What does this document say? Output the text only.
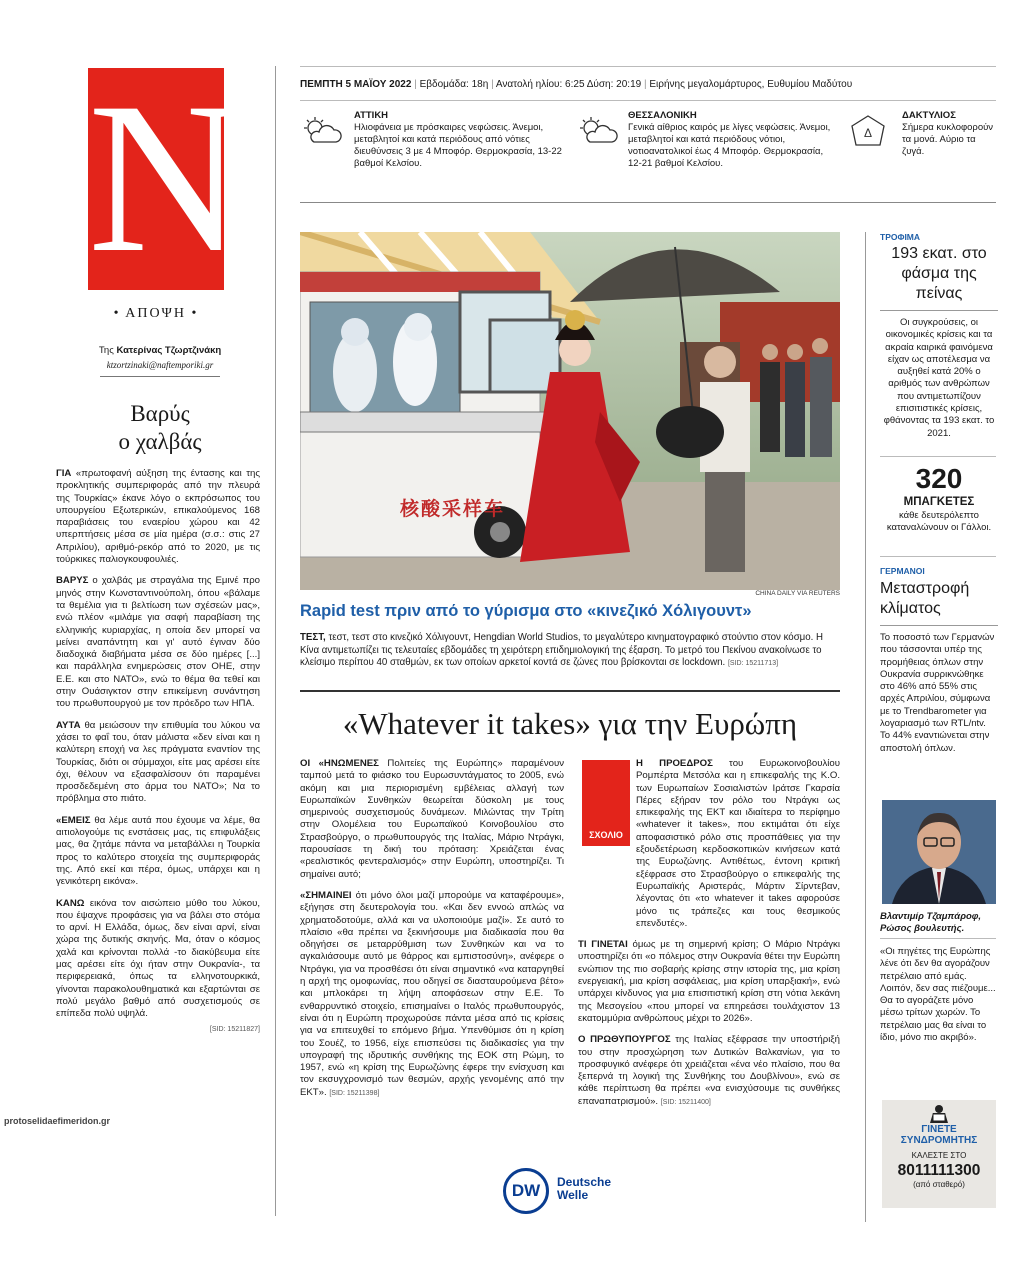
N
• ΑΠΟΨΗ •
Της Κατερίνας Τζωρτζινάκη
ktzortzinaki@naftemporiki.gr
Βαρύς
ο χαλβάς

ΓΙΑ «πρωτοφανή αύξηση της έντασης και της προκλητικής συμπεριφοράς από την πλευρά της Τουρκίας» έκανε λόγο ο εκπρόσωπος του υπουργείου Εξωτερικών, επικαλούμενος 168 παραβιάσεις του εναερίου χώρου και 42 υπερπτήσεις μέσα σε μία ημέρα (σ.σ.: στις 27 Απριλίου), αριθμό-ρεκόρ από το 2020, με τις τούρκικες παλιογκουφουλιές.

ΒΑΡΥΣ ο χαλβάς με στραγάλια της Εμινέ προ μηνός στην Κωνσταντινούπολη, όπου «βάλαμε τα θεμέλια για τι βελτίωση των σχέσεών μας», ενώ πλέον «μιλάμε για σαφή παραβίαση της ελληνικής κυριαρχίας, η οποία δεν μπορεί να μείνει αναπάντητη και γι' αυτό έγιναν δύο διαδοχικά διαβήματα μέσα σε δύο ημέρες [...] και παράλληλα ενημερώσεις στον ΟΗΕ, στην Ε.Ε. και στο ΝΑΤΟ», ενώ το θέμα θα τεθεί και στην Ουάσιγκτον στην επικείμενη συνάντηση του πρωθυπουργού με τον πρόεδρο των ΗΠΑ.

ΑΥΤΑ θα μειώσουν την επιθυμία του λύκου να χάσει το φαΐ του, όταν μάλιστα «δεν είναι και η καλύτερη εποχή να λες πράγματα εναντίον της Τουρκίας, διότι οι σύμμαχοι, είτε μας αρέσει είτε όχι, θέλουν να εξασφαλίσουν ότι παραμένει προσδεδεμένη στο άρμα του ΝΑΤΟ»; Να το πρόβλημα στο πιάτο.

«ΕΜΕΙΣ θα λέμε αυτά που έχουμε να λέμε, θα αιτιολογούμε τις ενστάσεις μας, τις επιφυλάξεις μας, θα ζητάμε πάντα να μεταβάλλει η Τουρκία προς το καλύτερο στοιχεία της συμπεριφοράς της. Από εκεί και πέρα, όμως, υπάρχει και η γενικότερη εικόνα».

ΚΑΝΩ εικόνα τον αισώπειο μύθο του λύκου, που έψαχνε προφάσεις για να βάλει στο στόμα το αρνί. Η Ελλάδα, όμως, δεν είναι αρνί, είναι χώρα της δυτικής σκηνής. Μα, όταν ο κόσμος χαλά και κρίνονται πολλά -το διακύβευμα είτε μας αρέσει είτε όχι ήταν στην Ουκρανία-, τα περιφερειακά, όπως τα ελληνοτουρκικά, γίνονται παρακολουθηματικά και εξαρτώνται σε πολύ μεγάλο βαθμό από συσχετισμούς σε επίπεδα πολύ υψηλά.

[SID: 15211827]
protoselidaefimeridon.gr
ΠΕΜΠΤΗ 5 ΜΑΪΟΥ 2022 | Εβδομάδα: 18η | Ανατολή ηλίου: 6:25 Δύση: 20:19 | Ειρήνης μεγαλομάρτυρος, Ευθυμίου Μαδύτου
ΑΤΤΙΚΗ
Ηλιοφάνεια με πρόσκαιρες νεφώσεις. Άνεμοι, μεταβλητοί και κατά περιόδους από νότιες διευθύνσεις 3 με 4 Μποφόρ. Θερμοκρασία, 13-22 βαθμοί Κελσίου.
ΘΕΣΣΑΛΟΝΙΚΗ
Γενικά αίθριος καιρός με λίγες νεφώσεις. Άνεμοι, μεταβλητοί και κατά περιόδους νότιοι, νοτιοανατολικοί έως 4 Μποφόρ. Θερμοκρασία, 12-21 βαθμοί Κελσίου.
Δ
ΔΑΚΤΥΛΙΟΣ
Σήμερα κυκλοφορούν τα μονά. Αύριο τα ζυγά.
核酸采样车
CHINA DAILY VIA REUTERS
Rapid test πριν από το γύρισμα στο «κινεζικό Χόλιγουντ»
ΤΕΣΤ, τεστ, τεστ στο κινεζικό Χόλιγουντ, Hengdian World Studios, το μεγαλύτερο κινηματογραφικό στούντιο στον κόσμο. Η Κίνα αντιμετωπίζει τις τελευταίες εβδομάδες τη χειρότερη επιδημιολογική της έξαρση. Το μετρό του Πεκίνου ανακοίνωσε το κλείσιμο περίπου 40 σταθμών, εκ των οποίων αρκετοί κοντά σε ζώνες που βρίσκονται σε lockdown. [SID: 15211713]
«Whatever it takes» για την Ευρώπη

ΟΙ «ΗΝΩΜΕΝΕΣ Πολιτείες της Ευρώπης» παραμένουν ταμπού μετά το φιάσκο του Ευρωσυντάγματος το 2005, ενώ ακόμη και μια περιορισμένη εμβέλειας αλλαγή των Ευρωπαϊκών Συνθηκών θεωρείται δύσκολη με τους σημερινούς συσχετισμούς δυνάμεων. Μιλώντας την Τρίτη στην Ολομέλεια του Ευρωπαϊκού Κοινοβουλίου στο Στρασβούργο, ο πρωθυπουργός της Ιταλίας, Μάριο Ντράγκι, παρουσίασε τη δική του πρόταση: Χρειάζεται ένας «ρεαλιστικός φεντεραλισμός» στην Ευρώπη, υποστηρίζει. Τι σημαίνει αυτό;

«ΣΗΜΑΙΝΕΙ ότι μόνο όλοι μαζί μπορούμε να καταφέρουμε», εξήγησε στη δευτερολογία του. «Και δεν εννοώ απλώς να χρηματοδοτούμε, αλλά και να υλοποιούμε μαζί». Σε αυτό το πλαίσιο «θα πρέπει να ξεκινήσουμε μια διαδικασία που θα οδηγήσει σε μεταρρύθμιση των Συνθηκών και να το αγκαλιάσουμε αυτό με θάρρος και εμπιστοσύνη», ανέφερε ο Ντράγκι, για να προσθέσει ότι είναι σημαντικό «να καταργηθεί η αρχή της ομοφωνίας, που οδηγεί σε διασταυρούμενα βέτο» και μπλοκάρει τη λήψη αποφάσεων στην Ε.Ε. Το ενθαρρυντικό στοιχείο, επισημαίνει ο Ιταλός πρωθυπουργός, είναι ότι η Ευρώπη προχωρούσε πάντα μέσα από τις κρίσεις για να επιτευχθεί το επόμενο βήμα. Υπενθύμισε ότι η κρίση του Σουέζ, το 1956, είχε επισπεύσει τις διαδικασίες για την υπογραφή της ιδρυτικής συνθήκης της ΕΟΚ στη Ρώμη, το 1957, ενώ «η κρίση της Ευρωζώνης έφερε την ενίσχυση και τον εκσυγχρονισμό των θεσμών, αρχής γενομένης από την ΕΚΤ». [SID: 15211398]

ΣΧΟΛΙΟ

Η ΠΡΟΕΔΡΟΣ του Ευρωκοινοβουλίου Ρομπέρτα Μετσόλα και η επικεφαλής της Κ.Ο. των Ευρωπαίων Σοσιαλιστών Ιράτσε Γκαρσία Πέρες εξήραν τον ρόλο του Ντράγκι ως επικεφαλής της ΕΚΤ και ιδιαίτερα το περίφημο «whatever it takes», που εκτιμάται ότι είχε αποφασιστικό ρόλο στις προσπάθειες για την εξουδετέρωση κερδοσκοπικών κινήσεων κατά της Ευρωζώνης. Αντιθέτως, έντονη κριτική εξέφρασε στο Στρασβούργο ο επικεφαλής της Ευρωπαϊκής Αριστεράς, Μάρτιν Σίρντεβαν, λέγοντας ότι «το whatever it takes αφορούσε μόνο τις τράπεζες και τους θεσμικούς επενδυτές».

ΤΙ ΓΙΝΕΤΑΙ όμως με τη σημερινή κρίση; Ο Μάριο Ντράγκι υποστηρίζει ότι «ο πόλεμος στην Ουκρανία θέτει την Ευρώπη ενώπιον της πιο σοβαρής κρίσης στην ιστορία της, μια κρίση ενεργειακή, μια κρίση ασφάλειας, μια κρίση υπαρξιακή», ενώ υπάρχει κίνδυνος για μια επισιτιστική κρίση στη νότια λεκάνη της Μεσογείου «που μπορεί να επηρεάσει τουλάχιστον 13 εκατομμύρια ανθρώπους μέχρι το 2026».

Ο ΠΡΩΘΥΠΟΥΡΓΟΣ της Ιταλίας εξέφρασε την υποστήριξή του στην προσχώρηση των Δυτικών Βαλκανίων, για το προσφυγικό ανέφερε ότι χρειάζεται «ένα νέο πλαίσιο, που θα ξεπερνά τη λογική της Συνθήκης του Δουβλίνου», ενώ σε κάθε περίπτωση θα πρέπει «να ενισχύσουμε τις συνθήκες επαναπατρισμού». [SID: 15211400]

DW	Deutsche
Welle
ΤΡΟΦΙΜΑ
193 εκατ. στο φάσμα της πείνας
Οι συγκρούσεις, οι οικονομικές κρίσεις και τα ακραία καιρικά φαινόμενα είχαν ως αποτέλεσμα να αυξηθεί κατά 20% ο αριθμός των ανθρώπων που αντιμετωπίζουν επισιτιστικές κρίσεις, φθάνοντας τα 193 εκατ. το 2021.
320
ΜΠΑΓΚΕΤΕΣ
κάθε δευτερόλεπτο καταναλώνουν οι Γάλλοι.
ΓΕΡΜΑΝΟΙ
Μεταστροφή κλίματος
Το ποσοστό των Γερμανών που τάσσονται υπέρ της προμήθειας όπλων στην Ουκρανία συρρικνώθηκε στο 46% από 55% στις αρχές Απριλίου, σύμφωνα με το Trendbarometer για λογαριασμό των RTL/ntv. Το 44% εναντιώνεται στην αποστολή όπλων.
Βλαντιμίρ Τζαμπάροφ, Ρώσος βουλευτής.
«Οι πηγέτες της Ευρώπης λένε ότι δεν θα αγοράζουν πετρέλαιο από εμάς. Λοιπόν, δεν σας πιέζουμε... Θα το αγοράζετε μόνο μέσω τρίτων χωρών. Το πετρέλαιο μας θα είναι το ίδιο, μόνο πιο ακριβό».
ΓΙΝΕΤΕ
ΣΥΝΔΡΟΜΗΤΗΣ
ΚΑΛΕΣΤΕ ΣΤΟ
8011111300
(από σταθερό)
